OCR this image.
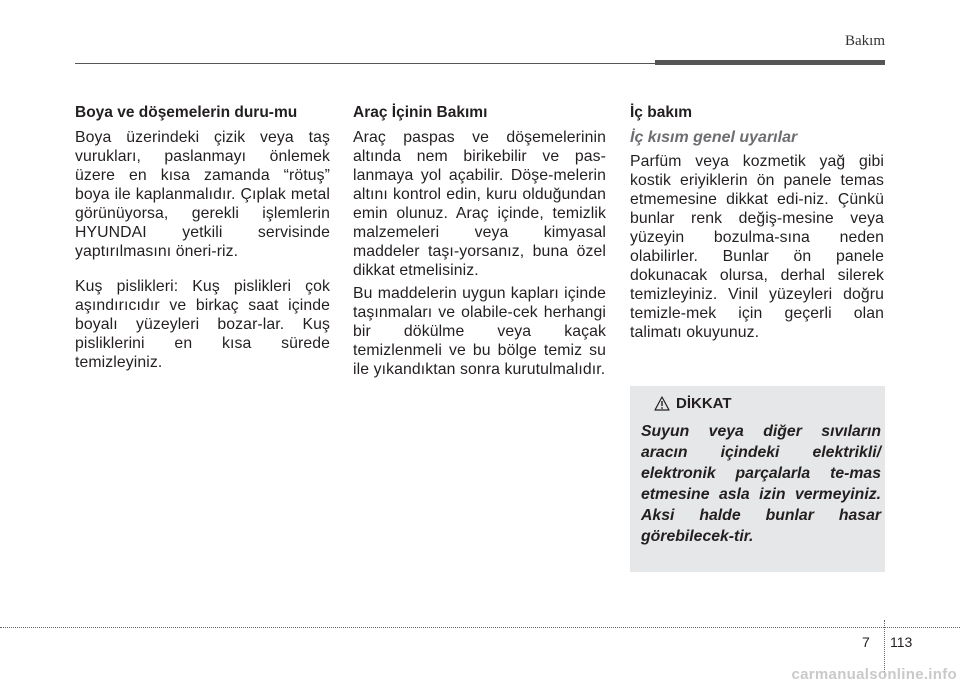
Bakım
Boya ve döşemelerin duru-mu

Boya üzerindeki çizik veya taş vurukları, paslanmayı önlemek üzere en kısa zamanda “rötuş” boya ile kaplanmalıdır. Çıplak metal görünüyorsa, gerekli işlemlerin HYUNDAI yetkili servisinde yaptırılmasını öneri-riz.

Kuş pislikleri: Kuş pislikleri çok aşındırıcıdır ve birkaç saat içinde boyalı yüzeyleri bozar-lar. Kuş pisliklerini en kısa sürede temizleyiniz.

Araç İçinin Bakımı

Araç paspas ve döşemelerinin altında nem birikebilir ve pas-lanmaya yol açabilir. Döşe-melerin altını kontrol edin, kuru olduğundan emin olunuz. Araç içinde, temizlik malzemeleri veya kimyasal maddeler taşı-yorsanız, buna özel dikkat etmelisiniz.

Bu maddelerin uygun kapları içinde taşınmaları ve olabile-cek herhangi bir dökülme veya kaçak temizlenmeli ve bu bölge temiz su ile yıkandıktan sonra kurutulmalıdır.

İç bakım
İç kısım genel uyarılar

Parfüm veya kozmetik yağ gibi kostik eriyiklerin ön panele temas etmemesine dikkat edi-niz. Çünkü bunlar renk değiş-mesine veya yüzeyin bozulma-sına neden olabilirler. Bunlar ön panele dokunacak olursa, derhal silerek temizleyiniz. Vinil yüzeyleri doğru temizle-mek için geçerli olan talimatı okuyunuz.

DİKKAT
Suyun veya diğer sıvıların aracın içindeki elektrikli/ elektronik parçalarla te-mas etmesine asla izin vermeyiniz. Aksi halde bunlar hasar görebilecek-tir.
7 113
carmanualsonline.info
